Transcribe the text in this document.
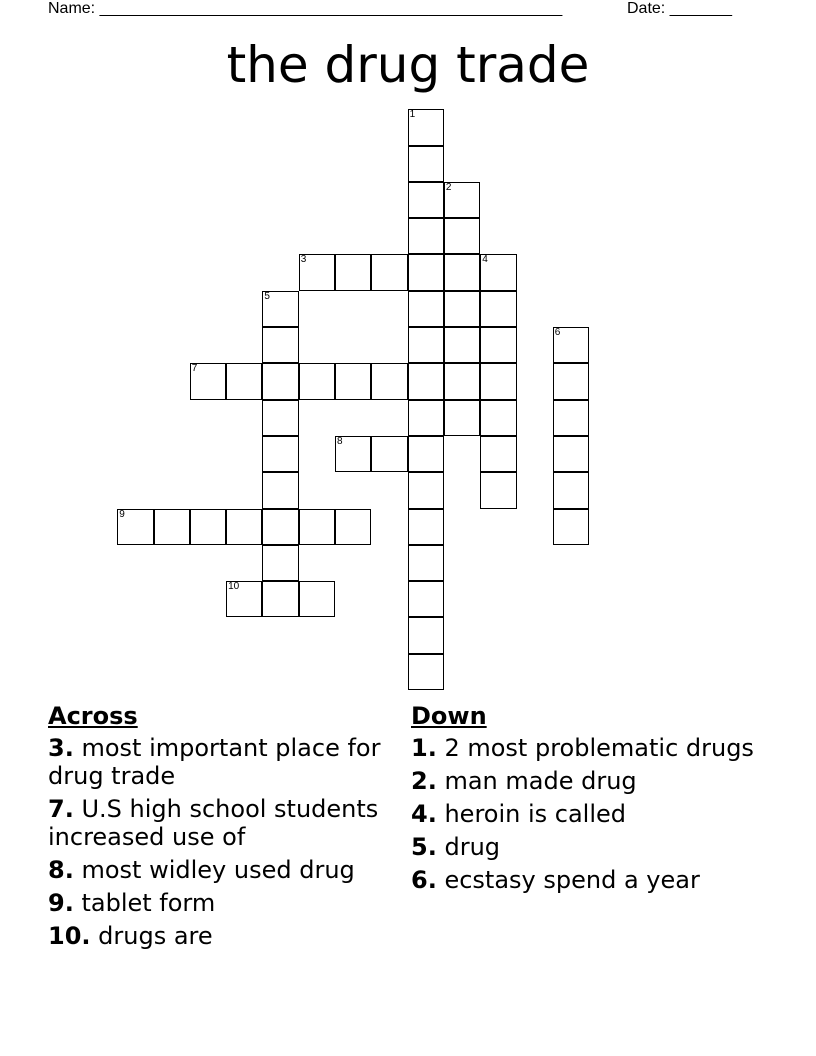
Name: ____________________________________________________	Date: _______
the drug trade
1
2
3	4
5
6
7
8
9
10
Across
3. most important place for drug trade
7. U.S high school students increased use of
8. most widley used drug
9. tablet form
10. drugs are
Down
1. 2 most problematic drugs
2. man made drug
4. heroin is called
5. drug
6. ecstasy spend a year
